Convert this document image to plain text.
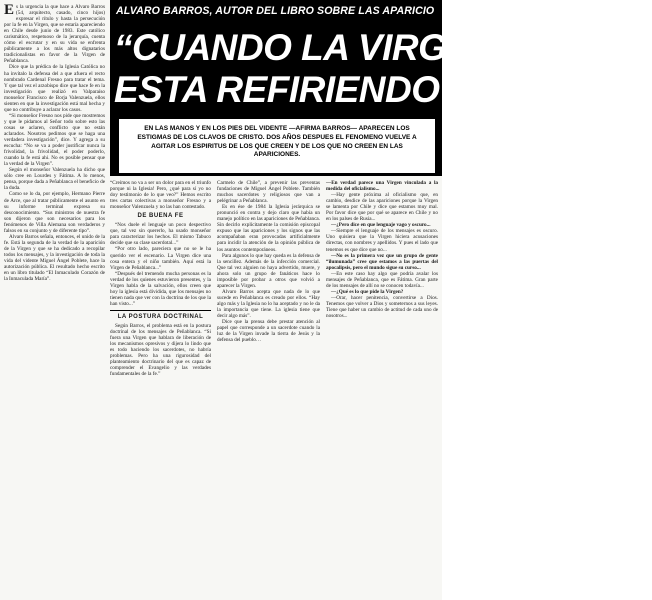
Es la urgencia la que hace a Alvaro Barros (54, arquitecto, casado, cinco hijos) expresar el rítulo y hasta la persecución por la fe en la Virgen, que se estaría apareciendo en Chile desde junio de 1983. Este católico carismático, respetuoso de la jerarquía, cuenta cómo el escrutar y en su vida se enfrenta públicamente a los más altos dignatarios tradicionalistas en favor de la Virgen de Peñablanca.

Dice que la prédica de la Iglesia Católica no ha invítalo la defensa del a que afuera el recto nombrado Cardenal Fresno para tratar el tema. Y que tal vez el arzobispo dice que hace fe en la investigación que realizó en Valparaíso monseñor Francisco de Borja Valenzuela, ellos sienten en que la investigación está mal hecha y que no contribuye a aclarar los casos.

“Si monseñor Fresno nos pide que mostremos y que le pidamos al Señor todo sobre esto las cosas se aclaren, conflicto que no están aclarados. Nosotros pedimos que se haga una verdadera investigación”, dice. Y agrega a su escucha: “No se va a poder justificar nunca la frivolidad, la frivolidad, el poder poderlo, cuando la fe está ahi. No es posible pensar que la verdad de la Virgen”.

Según el monseñor Valenzuela ha dicho que sólo cree en Lourdes y Fátima. A lo menos, pensa, porque dada a Peñablanca el beneficio de la duda.

Como se lo da, por ejemplo, Hermano Pierre de Arce, que al tratar públicamente el asunto en su informe terminal expresa su desconocimiento. “Sus ministros de nuestra fe son dijeron que son necesarios para los fenómenos de Villa Alemana son verdaderos y falsos en su conjunto y de diferente tipo”.

Alvaro Barros señala, entonces, el unido de la fe. Está la segunda de la verdad de la aparición de la Virgen y que se ha dedicado a recopilar todos los mensajes, y la investigación de toda la vida del vidente Miguel Ángel Poblete, hace la autorización pública. El resultado hecho escrito en un libro titulado “El Inmaculado Corazón de la Inmaculada María”.

ALVARO BARROS, AUTOR DEL LIBRO SOBRE LAS APARICIO
“CUANDO LA VIRGEN HABLA
ESTA REFIRIENDO AL MUNDO,
EN LAS MANOS Y EN LOS PIES DEL VIDENTE —AFIRMA BARROS— APARECEN LOS ESTIGMAS DE LOS CLAVOS DE CRISTO. DOS AÑOS DESPUES EL FENOMENO VUELVE A AGITAR LOS ESPIRITUS DE LOS QUE CREEN Y DE LOS QUE NO CREEN EN LAS APARICIONES.

“Creímos no va a ser un dolor para en el triunfo porque ni la Iglesia! Pero, ¿qué para sí yo no doy testimonio de lo que veo?” Hemos escrito tres cartas colectivas a monseñor Fresno y a monseñor Valenzuela y no las han contestado.

DE BUENA FE

“Nos duele el lenguaje un poco despectivo que, tal vez sin quererlo, ha usado monseñor para caracterizar los hechos. El mismo Tabuco decide que su clase sacerdotal...”

“Por otro lado, pareciera que no se le ha querido ver el escenario. La Virgen dice una cosa entera y el niño también. Aquí está la Virgen de Peñablanca...”

“Después del tremendo mucha personas es la verdad de los quienes estuvieron presentes, y la Virgen habla de la salvación, ellos creen que hoy la iglesia está dividida, que los mensajes no tienen nada que ver con la doctrina de los que la han visto...”

LA POSTURA DOCTRINAL

Según Barros, el problema está en la postura doctrinal de los mensajes de Peñablanca. “Si fuera una Virgen que hablara de liberación de los mecanismos opresivos y dijera lo lindo que es todo haciendo los sacerdotes, no habría problemas. Pero ha una rigurosidad del planteamiento doctrinario del que es capaz de comprender el Evangelio y las verdades fundamentales de la fe.”

Carmelo de Chile”, a prevenir las preventas fundaciones de Miguel Ángel Poblete. También muchos sacerdotes y religiosos que van a pelégrinar a Peñablanca.

Es en ése de 1984 la Iglesia jerárquica se pronunció en contra y dejo claro que había un manejo político en las apariciones de Peñablanca. Sin decirlo explícitamente la comisión episcopal expuso que las apariciones y los signos que las acompañaban eran provocadas artificialmente para incidir la atención de la opinión pública de los asuntos contemporáneos.

Para algunos lo que hay queda es la defensa de la sencillez. Además de la infección comercial. Que tal vez alguien no haya advertido, muere, y ahora solo un grupo de fanáticos hace lo imposible por probar a otros que volvió a aparecer la Virgen.

Alvaro Barros acepta que nada de lo que sucede en Peñablanca es creado por ellos. “Hay algo más y la Iglesia no lo ha aceptado y no le da la importancia que tiene. La iglesia tiene que decir algo más”.

Dice que la prensa debe prestar atención al papel que corresponde a un sacerdote cuando la luz de la Virgen invade la tierra de Jesús y la defensa del pueblo…

—En verdad parece una Virgen vinculada a la medida del oficialismo...

—Hay gente próxima al oficialismo que, en cambio, desdice de las apariciones porque la Virgen se lamenta por Chile y dice que estamos muy mal. Por favor dice que por qué se aparece en Chile y no en los palses de Rusia...

—¿Pero dice en que lenguaje vago y oscuro...

—Siempre el lenguaje de los mensajes es oscuro. Uno quisiera que la Virgen hiciera acusaciones directas, con nombres y apellidos. Y pues el lado que tenemos es que dice que no...

—No es la primera vez que un grupo de gente “ilumunada” cree que estamos a las puertas del apocalipsis, pero el mundo sigue su curso...

—En este caso hay algo que podría avalar los mensajes de Peñablanca, que es Fátima. Gran parte de los mensajes de allí no se conocen todavía...

—¿Qué es lo que pide la Virgen?

—Orar, hacer penitencia, convertirse a Dios. Tenemos que volver a Dios y someternos a sus leyes. Tiene que haber un cambio de actitud de cada uno de nosotros...
